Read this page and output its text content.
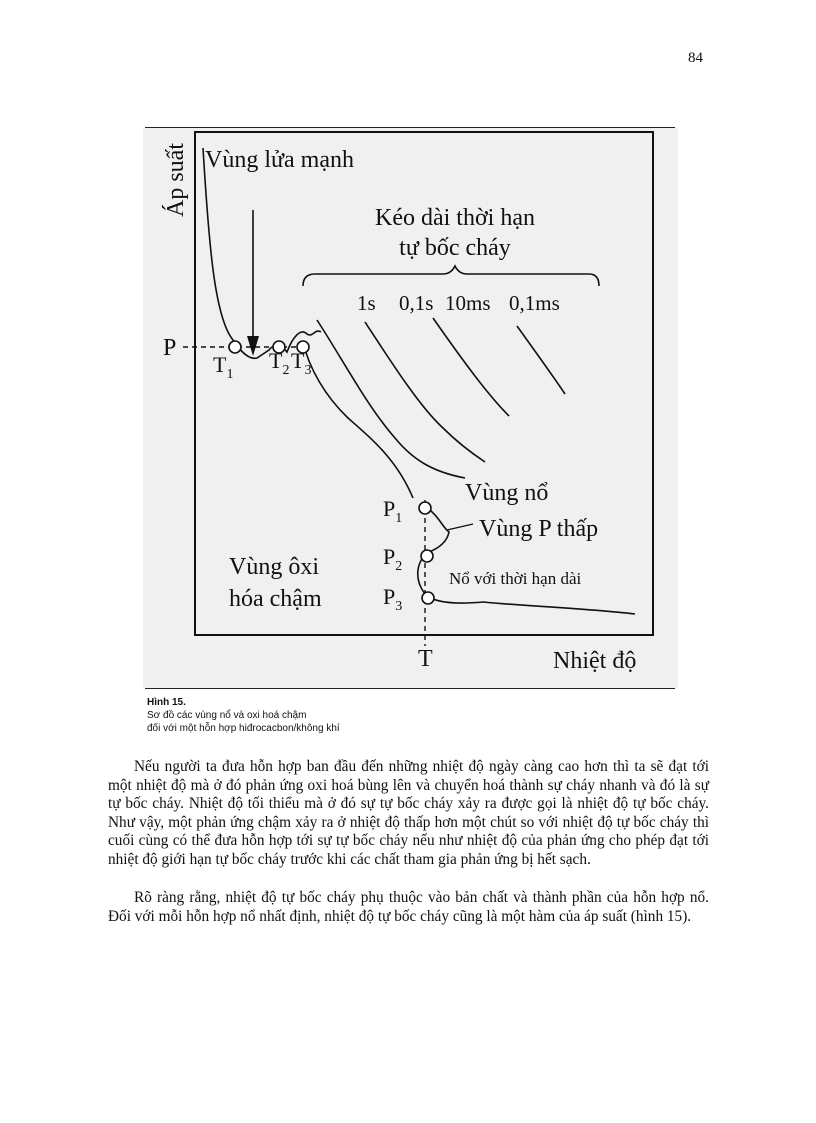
84
Áp suất Vùng lửa mạnh
P
$T_1$
$T_2$ $T_3$
Kéo dài thời hạn
tự bốc cháy
1s 0,1s 10ms 0,1ms
Vùng nổ
$P_1$
$P_2$
$P_3$
Vùng P thấp
Nổ với thời hạn dài
Vùng ôxi
hóa chậm
T	Nhiệt độ
Hình 15.
Sơ đồ các vùng nổ và oxi hoá chậm
đối với một hỗn hợp hiđrocacbon/không khí

Nếu người ta đưa hỗn hợp ban đầu đến những nhiệt độ ngày càng cao hơn thì ta sẽ đạt tới một nhiệt độ mà ở đó phản ứng oxi hoá bùng lên và chuyển hoá thành sự cháy nhanh và đó là sự tự bốc cháy. Nhiệt độ tối thiểu mà ở đó sự tự bốc cháy xảy ra được gọi là nhiệt độ tự bốc cháy. Như vậy, một phản ứng chậm xảy ra ở nhiệt độ thấp hơn một chút so với nhiệt độ tự bốc cháy thì cuối cùng có thể đưa hỗn hợp tới sự tự bốc cháy nếu như nhiệt độ của phản ứng cho phép đạt tới nhiệt độ giới hạn tự bốc cháy trước khi các chất tham gia phản ứng bị hết sạch.

Rõ ràng rằng, nhiệt độ tự bốc cháy phụ thuộc vào bản chất và thành phần của hỗn hợp nổ. Đối với mỗi hỗn hợp nổ nhất định, nhiệt độ tự bốc cháy cũng là một hàm của áp suất (hình 15).
